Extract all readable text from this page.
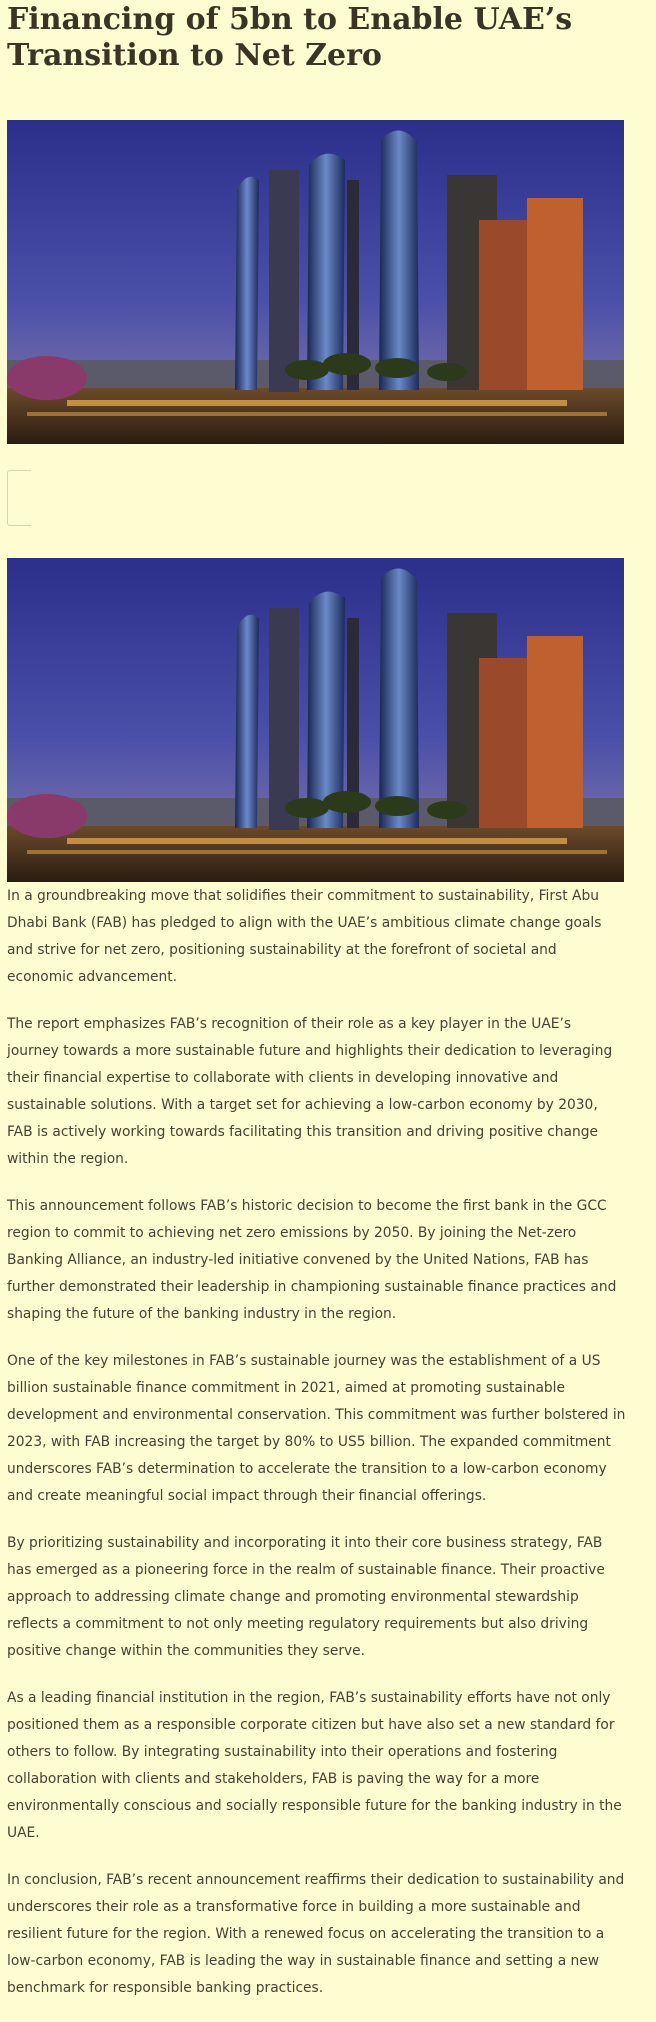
Financing of 5bn to Enable UAE’s Transition to Net Zero

In a groundbreaking move that solidifies their commitment to sustainability, First Abu Dhabi Bank (FAB) has pledged to align with the UAE’s ambitious climate change goals and strive for net zero, positioning sustainability at the forefront of societal and economic advancement.

The report emphasizes FAB’s recognition of their role as a key player in the UAE’s journey towards a more sustainable future and highlights their dedication to leveraging their financial expertise to collaborate with clients in developing innovative and sustainable solutions. With a target set for achieving a low-carbon economy by 2030, FAB is actively working towards facilitating this transition and driving positive change within the region.

This announcement follows FAB’s historic decision to become the first bank in the GCC region to commit to achieving net zero emissions by 2050. By joining the Net-zero Banking Alliance, an industry-led initiative convened by the United Nations, FAB has further demonstrated their leadership in championing sustainable finance practices and shaping the future of the banking industry in the region.

One of the key milestones in FAB’s sustainable journey was the establishment of a US billion sustainable finance commitment in 2021, aimed at promoting sustainable development and environmental conservation. This commitment was further bolstered in 2023, with FAB increasing the target by 80% to US5 billion. The expanded commitment underscores FAB’s determination to accelerate the transition to a low-carbon economy and create meaningful social impact through their financial offerings.

By prioritizing sustainability and incorporating it into their core business strategy, FAB has emerged as a pioneering force in the realm of sustainable finance. Their proactive approach to addressing climate change and promoting environmental stewardship reflects a commitment to not only meeting regulatory requirements but also driving positive change within the communities they serve.

As a leading financial institution in the region, FAB’s sustainability efforts have not only positioned them as a responsible corporate citizen but have also set a new standard for others to follow. By integrating sustainability into their operations and fostering collaboration with clients and stakeholders, FAB is paving the way for a more environmentally conscious and socially responsible future for the banking industry in the UAE.

In conclusion, FAB’s recent announcement reaffirms their dedication to sustainability and underscores their role as a transformative force in building a more sustainable and resilient future for the region. With a renewed focus on accelerating the transition to a low-carbon economy, FAB is leading the way in sustainable finance and setting a new benchmark for responsible banking practices.
